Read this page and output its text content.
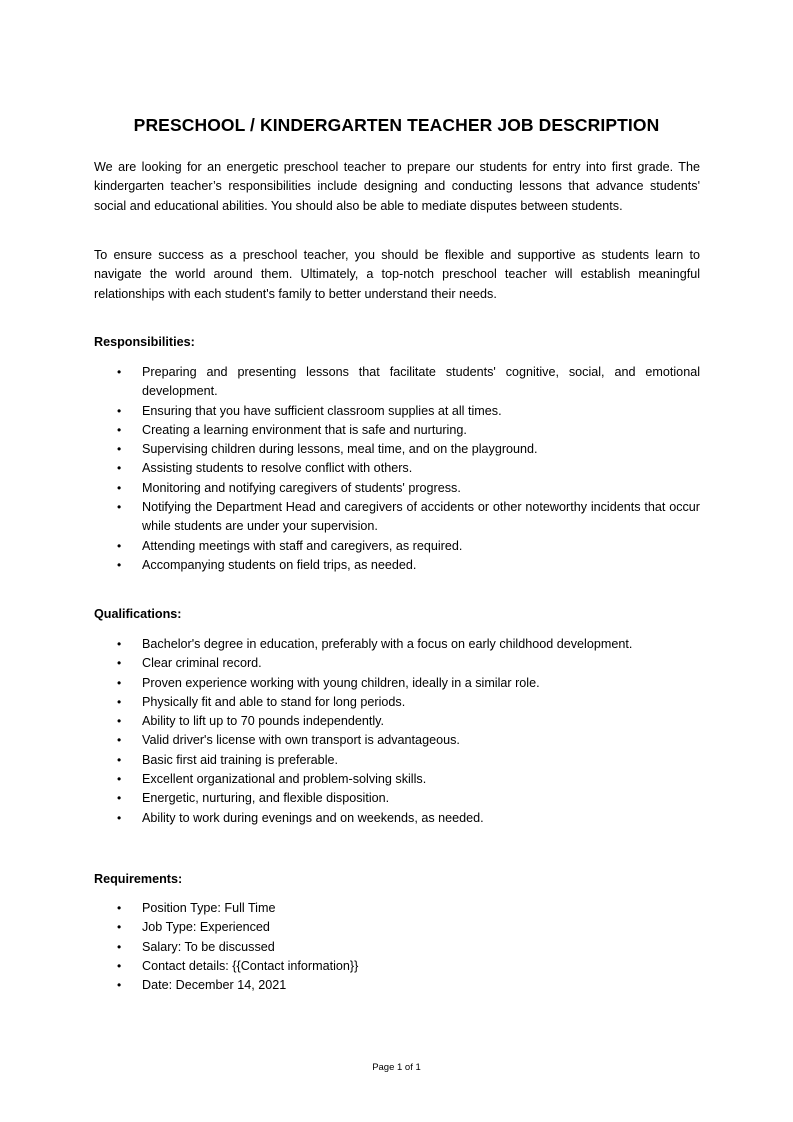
PRESCHOOL / KINDERGARTEN TEACHER JOB DESCRIPTION

We are looking for an energetic preschool teacher to prepare our students for entry into first grade. The kindergarten teacher’s responsibilities include designing and conducting lessons that advance students' social and educational abilities. You should also be able to mediate disputes between students.

To ensure success as a preschool teacher, you should be flexible and supportive as students learn to navigate the world around them. Ultimately, a top-notch preschool teacher will establish meaningful relationships with each student's family to better understand their needs.

Responsibilities:
• Preparing and presenting lessons that facilitate students' cognitive, social, and emotional development.
• Ensuring that you have sufficient classroom supplies at all times.
• Creating a learning environment that is safe and nurturing.
• Supervising children during lessons, meal time, and on the playground.
• Assisting students to resolve conflict with others.
• Monitoring and notifying caregivers of students' progress.
• Notifying the Department Head and caregivers of accidents or other noteworthy incidents that occur while students are under your supervision.
• Attending meetings with staff and caregivers, as required.
• Accompanying students on field trips, as needed.
Qualifications:
• Bachelor's degree in education, preferably with a focus on early childhood development.
• Clear criminal record.
• Proven experience working with young children, ideally in a similar role.
• Physically fit and able to stand for long periods.
• Ability to lift up to 70 pounds independently.
• Valid driver's license with own transport is advantageous.
• Basic first aid training is preferable.
• Excellent organizational and problem-solving skills.
• Energetic, nurturing, and flexible disposition.
• Ability to work during evenings and on weekends, as needed.
Requirements:
• Position Type: Full Time
• Job Type: Experienced
• Salary: To be discussed
• Contact details: {{Contact information}}
• Date: December 14, 2021
Page 1 of 1
